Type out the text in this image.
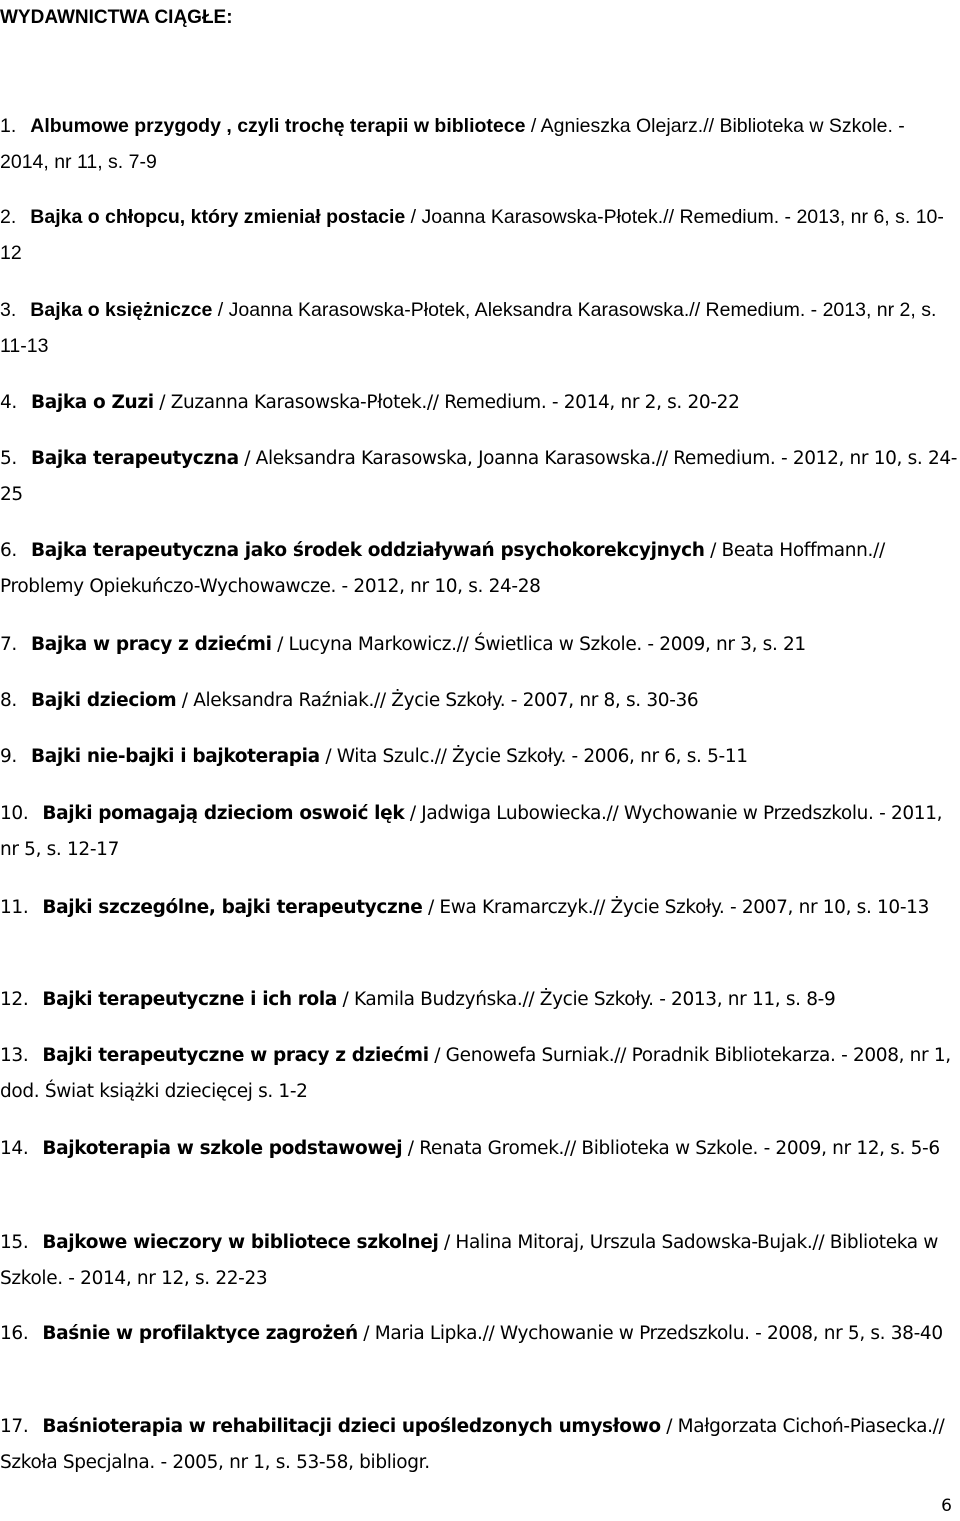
WYDAWNICTWA CIĄGŁE:

1. Albumowe przygody , czyli trochę terapii w bibliotece / Agnieszka Olejarz.// Biblioteka w Szkole. - 2014, nr 11, s. 7-9

2. Bajka o chłopcu, który zmieniał postacie / Joanna Karasowska-Płotek.// Remedium. - 2013, nr 6, s. 10-12

3. Bajka o księżniczce / Joanna Karasowska-Płotek, Aleksandra Karasowska.// Remedium. - 2013, nr 2, s. 11-13

4. Bajka o Zuzi / Zuzanna Karasowska-Płotek.// Remedium. - 2014, nr 2, s. 20-22

5. Bajka terapeutyczna / Aleksandra Karasowska, Joanna Karasowska.// Remedium. - 2012, nr 10, s. 24-25

6. Bajka terapeutyczna jako środek oddziaływań psychokorekcyjnych / Beata Hoffmann.// Problemy Opiekuńczo-Wychowawcze. - 2012, nr 10, s. 24-28

7. Bajka w pracy z dziećmi / Lucyna Markowicz.// Świetlica w Szkole. - 2009, nr 3, s. 21

8. Bajki dzieciom / Aleksandra Raźniak.// Życie Szkoły. - 2007, nr 8, s. 30-36

9. Bajki nie-bajki i bajkoterapia / Wita Szulc.// Życie Szkoły. - 2006, nr 6, s. 5-11

10. Bajki pomagają dzieciom oswoić lęk / Jadwiga Lubowiecka.// Wychowanie w Przedszkolu. - 2011, nr 5, s. 12-17

11. Bajki szczególne, bajki terapeutyczne / Ewa Kramarczyk.// Życie Szkoły. - 2007, nr 10, s. 10-13

12. Bajki terapeutyczne i ich rola / Kamila Budzyńska.// Życie Szkoły. - 2013, nr 11, s. 8-9

13. Bajki terapeutyczne w pracy z dziećmi / Genowefa Surniak.// Poradnik Bibliotekarza. - 2008, nr 1, dod. Świat książki dziecięcej s. 1-2

14. Bajkoterapia w szkole podstawowej / Renata Gromek.// Biblioteka w Szkole. - 2009, nr 12, s. 5-6

15. Bajkowe wieczory w bibliotece szkolnej / Halina Mitoraj, Urszula Sadowska-Bujak.// Biblioteka w Szkole. - 2014, nr 12, s. 22-23

16. Baśnie w profilaktyce zagrożeń / Maria Lipka.// Wychowanie w Przedszkolu. - 2008, nr 5, s. 38-40

17. Baśnioterapia w rehabilitacji dzieci upośledzonych umysłowo / Małgorzata Cichoń-Piasecka.// Szkoła Specjalna. - 2005, nr 1, s. 53-58, bibliogr.

6
